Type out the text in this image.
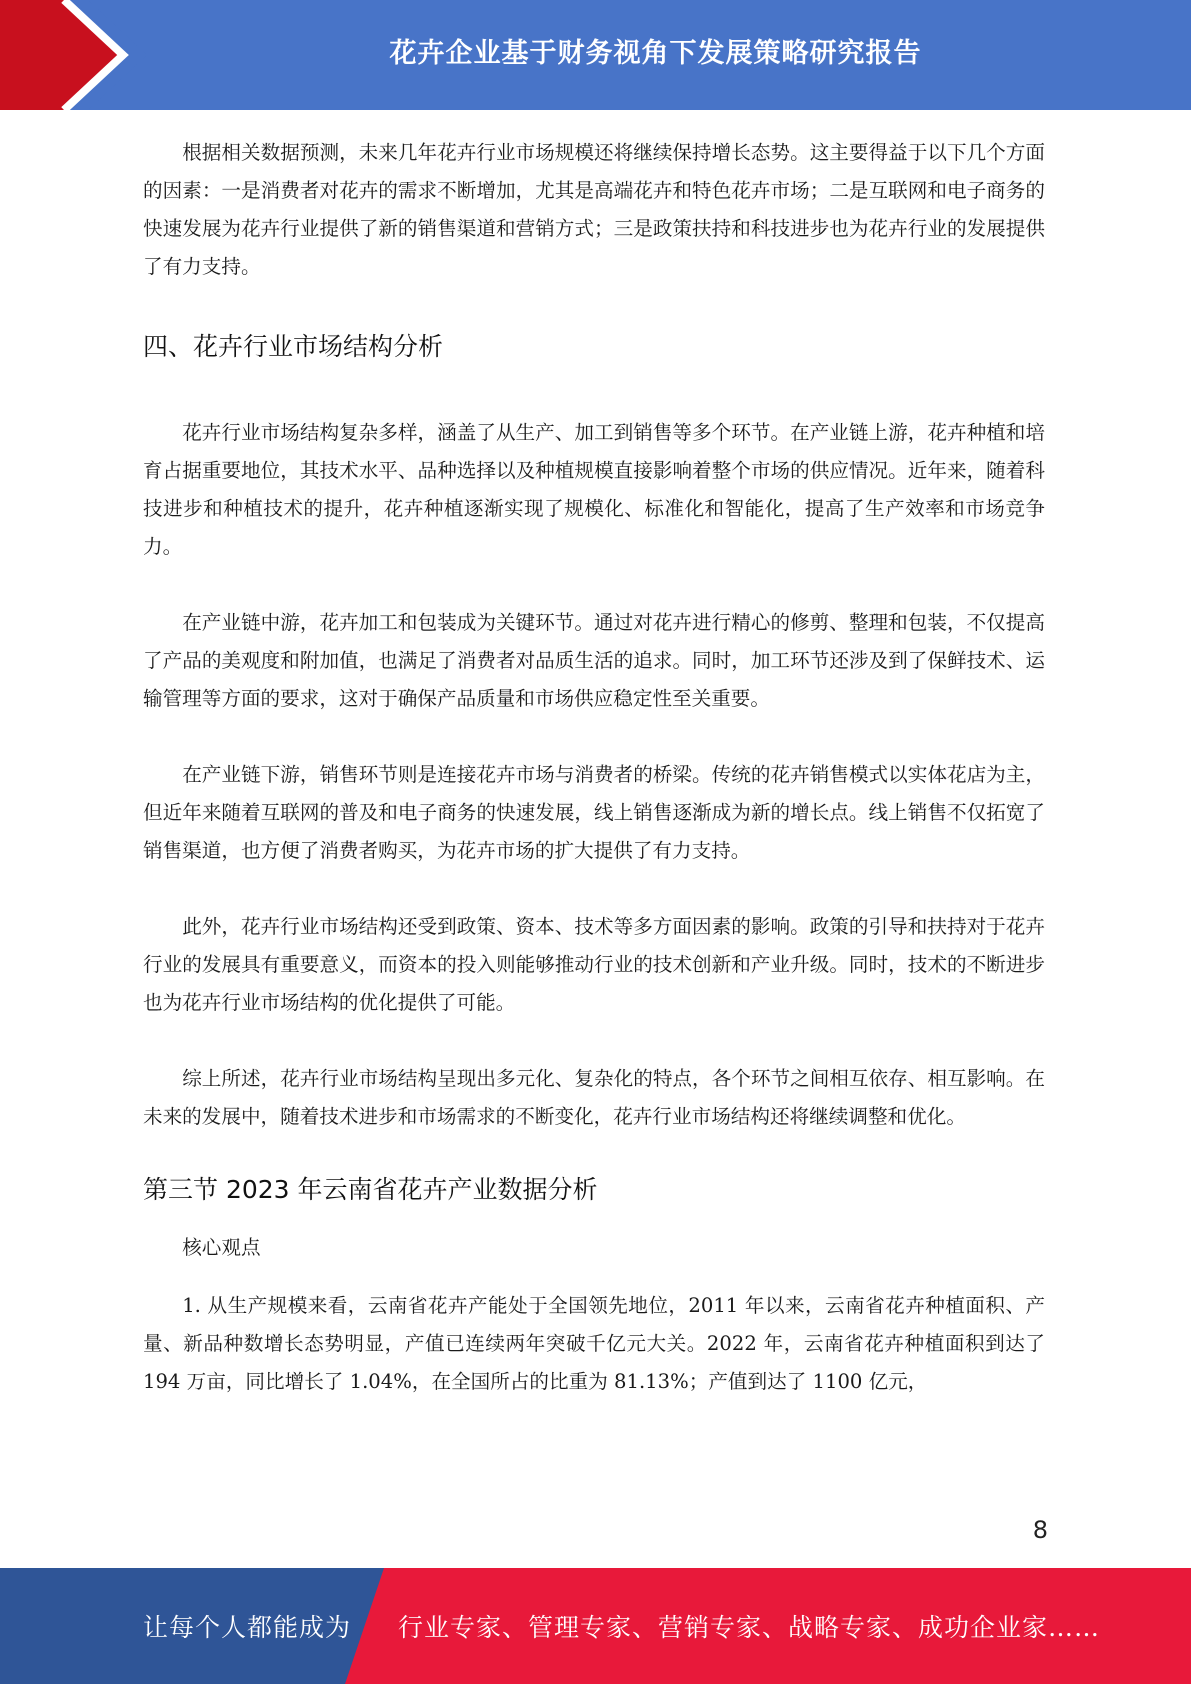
花卉企业基于财务视角下发展策略研究报告

根据相关数据预测，未来几年花卉行业市场规模还将继续保持增长态势。这主要得益于以下几个方面的因素：一是消费者对花卉的需求不断增加，尤其是高端花卉和特色花卉市场；二是互联网和电子商务的快速发展为花卉行业提供了新的销售渠道和营销方式；三是政策扶持和科技进步也为花卉行业的发展提供了有力支持。

四、花卉行业市场结构分析

花卉行业市场结构复杂多样，涵盖了从生产、加工到销售等多个环节。在产业链上游，花卉种植和培育占据重要地位，其技术水平、品种选择以及种植规模直接影响着整个市场的供应情况。近年来，随着科技进步和种植技术的提升，花卉种植逐渐实现了规模化、标准化和智能化，提高了生产效率和市场竞争力。

在产业链中游，花卉加工和包装成为关键环节。通过对花卉进行精心的修剪、整理和包装，不仅提高了产品的美观度和附加值，也满足了消费者对品质生活的追求。同时，加工环节还涉及到了保鲜技术、运输管理等方面的要求，这对于确保产品质量和市场供应稳定性至关重要。

在产业链下游，销售环节则是连接花卉市场与消费者的桥梁。传统的花卉销售模式以实体花店为主，但近年来随着互联网的普及和电子商务的快速发展，线上销售逐渐成为新的增长点。线上销售不仅拓宽了销售渠道，也方便了消费者购买，为花卉市场的扩大提供了有力支持。

此外，花卉行业市场结构还受到政策、资本、技术等多方面因素的影响。政策的引导和扶持对于花卉行业的发展具有重要意义，而资本的投入则能够推动行业的技术创新和产业升级。同时，技术的不断进步也为花卉行业市场结构的优化提供了可能。

综上所述，花卉行业市场结构呈现出多元化、复杂化的特点，各个环节之间相互依存、相互影响。在未来的发展中，随着技术进步和市场需求的不断变化，花卉行业市场结构还将继续调整和优化。

第三节 2023 年云南省花卉产业数据分析

核心观点

1. 从生产规模来看，云南省花卉产能处于全国领先地位，2011 年以来，云南省花卉种植面积、产量、新品种数增长态势明显，产值已连续两年突破千亿元大关。2022 年，云南省花卉种植面积到达了 194 万亩，同比增长了 1.04%，在全国所占的比重为 81.13%；产值到达了 1100 亿元，

8
让每个人都能成为 行业专家、管理专家、营销专家、战略专家、成功企业家……
